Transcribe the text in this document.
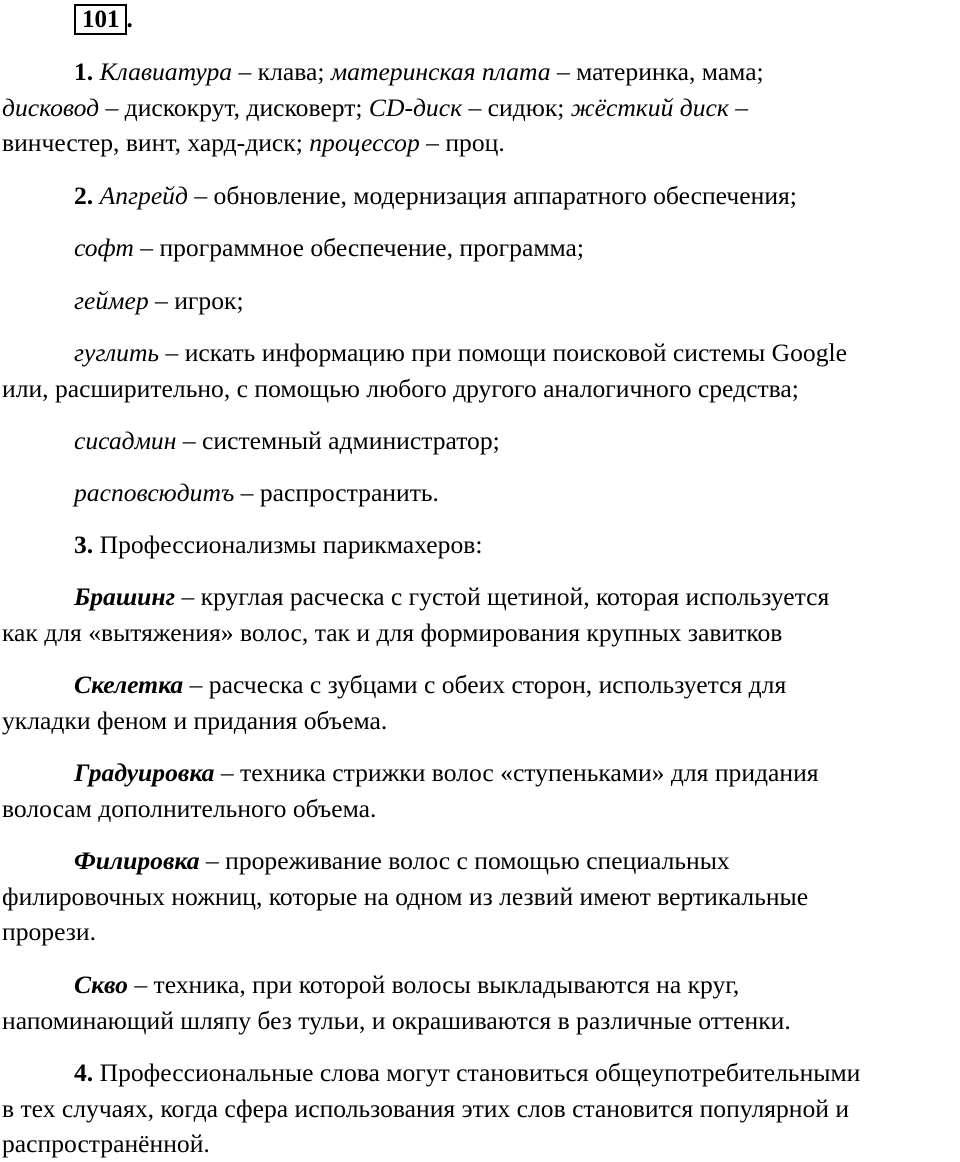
101 .
1. Клавиатура – клава; материнская плата – материнка, мама;
дисковод – дискокрут, дисковерт; CD-диск – сидюк; жёсткий диск –
винчестер, винт, хард-диск; процессор – проц.
2. Апгрейд – обновление, модернизация аппаратного обеспечения;
софт – программное обеспечение, программа;
геймер – игрок;
гуглить – искать информацию при помощи поисковой системы Google
или, расширительно, с помощью любого другого аналогичного средства;
сисадмин – системный администратор;
расповсюдитъ – распространить.
3. Профессионализмы парикмахеров:
Брашинг – круглая расческа с густой щетиной, которая используется
как для «вытяжения» волос, так и для формирования крупных завитков
Скелетка – расческа с зубцами с обеих сторон, используется для
укладки феном и придания объема.
Градуировка – техника стрижки волос «ступеньками» для придания
волосам дополнительного объема.
Филировка – прореживание волос с помощью специальных
филировочных ножниц, которые на одном из лезвий имеют вертикальные
прорези.
Скво – техника, при которой волосы выкладываются на круг,
напоминающий шляпу без тульи, и окрашиваются в различные оттенки.
4. Профессиональные слова могут становиться общеупотребительными
в тех случаях, когда сфера использования этих слов становится популярной и
распространённой.
